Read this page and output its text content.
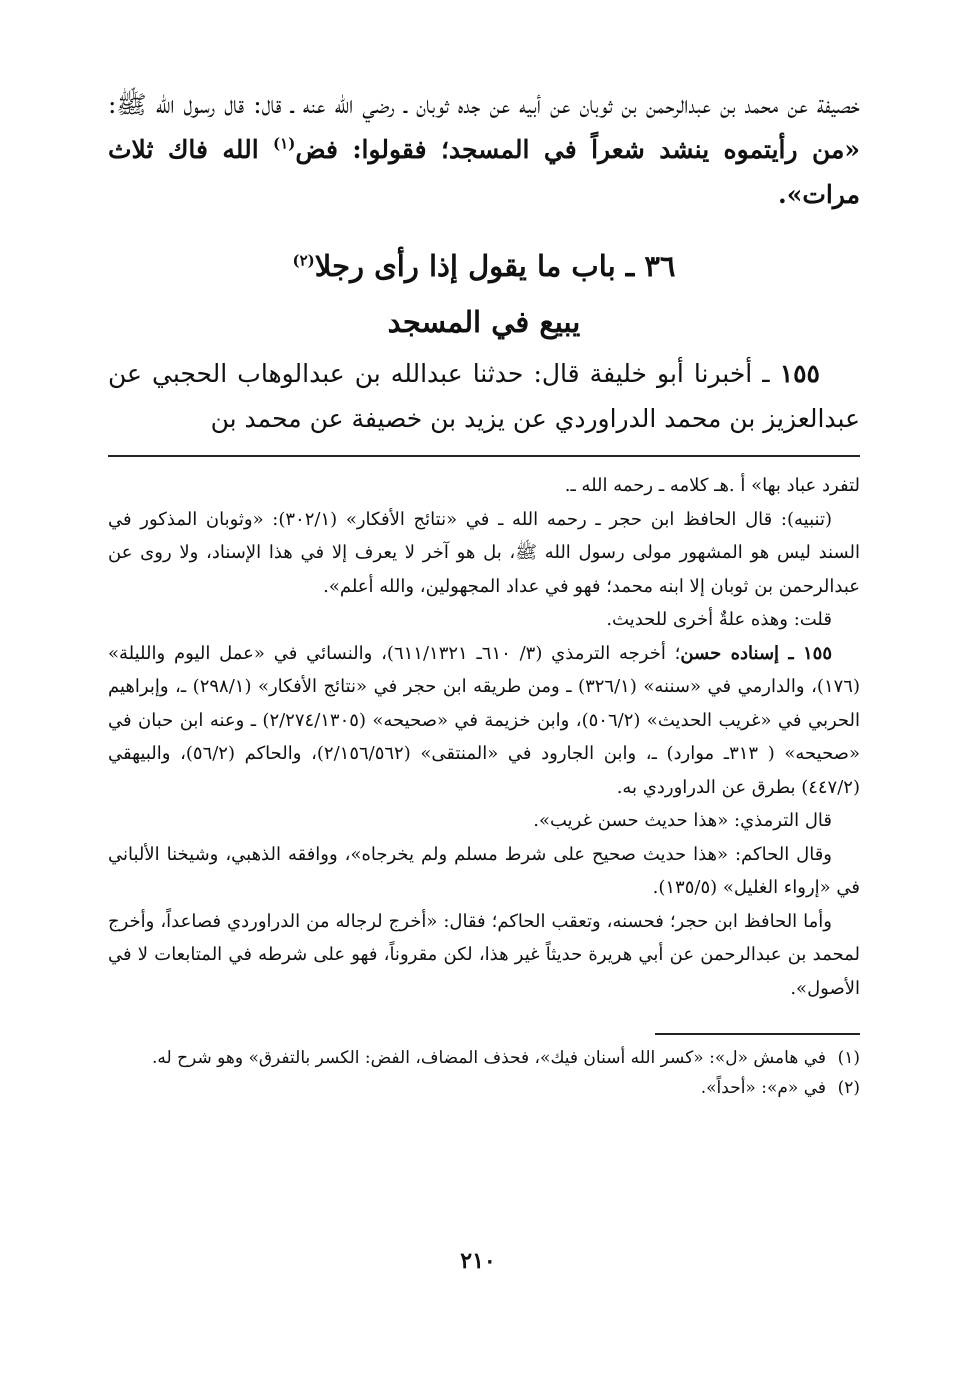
خصيفة عن محمد بن عبدالرحمن بن ثوبان عن أبيه عن جده ثوبان ـ رضي الله عنه ـ قال: قال رسول الله ﷺ: «من رأيتموه ينشد شعراً في المسجد؛ فقولوا: فض$^{(١)}$ الله فاك ثلاث مرات».

٣٦ ـ باب ما يقول إذا رأى رجلا$^{(٢)}$
يبيع في المسجد

١٥٥ ـ أخبرنا أبو خليفة قال: حدثنا عبدالله بن عبدالوهاب الحجبي عن عبدالعزيز بن محمد الدراوردي عن يزيد بن خصيفة عن محمد بن

لتفرد عباد بها» أ .هـ كلامه ـ رحمه الله ـ.

(تنبيه): قال الحافظ ابن حجر ـ رحمه الله ـ في «نتائج الأفكار» (٣٠٢/١): «وثوبان المذكور في السند ليس هو المشهور مولى رسول الله ﷺ، بل هو آخر لا يعرف إلا في هذا الإسناد، ولا روى عن عبدالرحمن بن ثوبان إلا ابنه محمد؛ فهو في عداد المجهولين، والله أعلم».

قلت: وهذه علةٌ أخرى للحديث.

١٥٥ ـ إسناده حسن؛ أخرجه الترمذي (٣/ ٦١٠ـ ٦١١/١٣٢١)، والنسائي في «عمل اليوم والليلة» (١٧٦)، والدارمي في «سننه» (٣٢٦/١) ـ ومن طريقه ابن حجر في «نتائج الأفكار» (٢٩٨/١) ـ، وإبراهيم الحربي في «غريب الحديث» (٥٠٦/٢)، وابن خزيمة في «صحيحه» (٢/٢٧٤/١٣٠٥) ـ وعنه ابن حبان في «صحيحه» ( ٣١٣ـ موارد) ـ، وابن الجارود في «المنتقى» (٢/١٥٦/٥٦٢)، والحاكم (٥٦/٢)، والبيهقي (٤٤٧/٢) بطرق عن الدراوردي به.

قال الترمذي: «هذا حديث حسن غريب».

وقال الحاكم: «هذا حديث صحيح على شرط مسلم ولم يخرجاه»، ووافقه الذهبي، وشيخنا الألباني في «إرواء الغليل» (١٣٥/٥).

وأما الحافظ ابن حجر؛ فحسنه، وتعقب الحاكم؛ فقال: «أخرج لرجاله من الدراوردي فصاعداً، وأخرج لمحمد بن عبدالرحمن عن أبي هريرة حديثاً غير هذا، لكن مقروناً، فهو على شرطه في المتابعات لا في الأصول».

(١)في هامش «ل»: «كسر الله أسنان فيك»، فحذف المضاف، الفض: الكسر بالتفرق» وهو شرح له.

(٢)في «م»: «أحداً».

٢١٠
